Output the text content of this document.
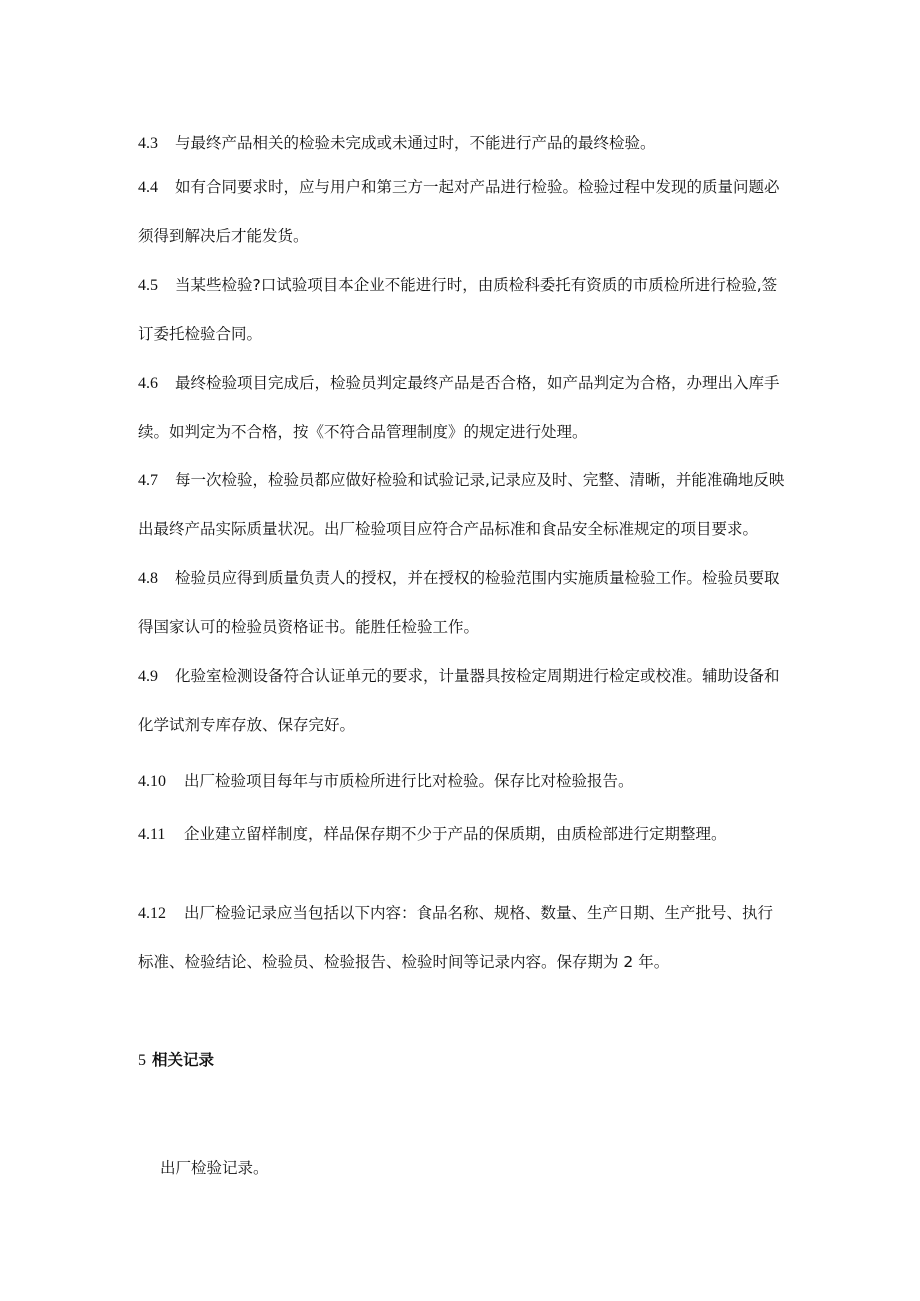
4.3 与最终产品相关的检验未完成或未通过时，不能进行产品的最终检验。
4.4 如有合同要求时，应与用户和第三方一起对产品进行检验。检验过程中发现的质量问题必须得到解决后才能发货。
4.5 当某些检验?口试验项目本企业不能进行时，由质检科委托有资质的市质检所进行检验,签订委托检验合同。
4.6 最终检验项目完成后，检验员判定最终产品是否合格，如产品判定为合格，办理出入库手续。如判定为不合格，按《不符合品管理制度》的规定进行处理。
4.7 每一次检验，检验员都应做好检验和试验记录,记录应及时、完整、清晰，并能准确地反映出最终产品实际质量状况。出厂检验项目应符合产品标准和食品安全标准规定的项目要求。
4.8 检验员应得到质量负责人的授权，并在授权的检验范围内实施质量检验工作。检验员要取得国家认可的检验员资格证书。能胜任检验工作。
4.9 化验室检测设备符合认证单元的要求，计量器具按检定周期进行检定或校准。辅助设备和化学试剂专库存放、保存完好。
4.10 出厂检验项目每年与市质检所进行比对检验。保存比对检验报告。
4.11 企业建立留样制度，样品保存期不少于产品的保质期，由质检部进行定期整理。
4.12 出厂检验记录应当包括以下内容：食品名称、规格、数量、生产日期、生产批号、执行标准、检验结论、检验员、检验报告、检验时间等记录内容。保存期为 2 年。
5 相关记录
出厂检验记录。
